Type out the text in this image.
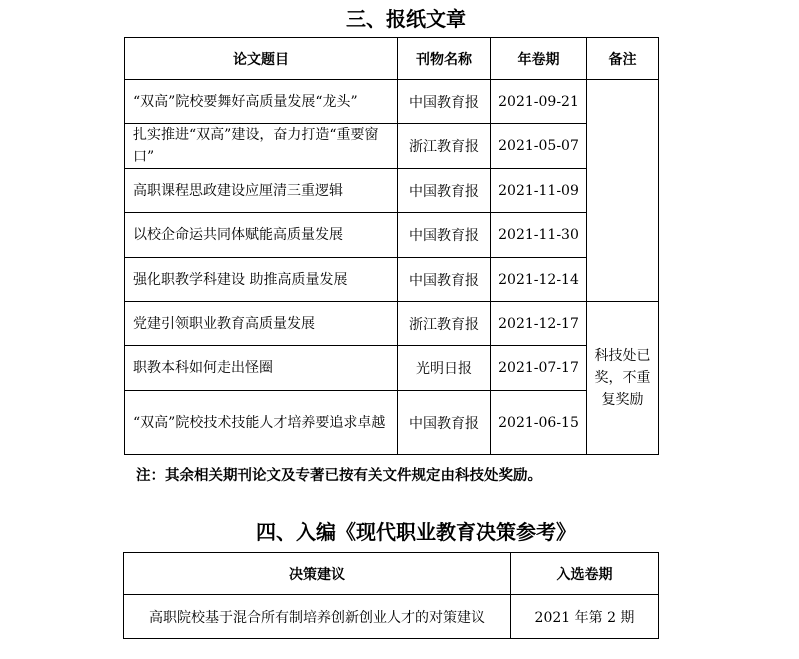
三、报纸文章
论文题目	刊物名称	年卷期	备注
“双高”院校要舞好高质量发展“龙头”	中国教育报	2021-09-21	
扎实推进“双高”建设，奋力打造“重要窗口”	浙江教育报	2021-05-07	
高职课程思政建设应厘清三重逻辑	中国教育报	2021-11-09	
以校企命运共同体赋能高质量发展	中国教育报	2021-11-30	
强化职教学科建设 助推高质量发展	中国教育报	2021-12-14	
党建引领职业教育高质量发展	浙江教育报	2021-12-17	科技处已奖，不重复奖励
职教本科如何走出怪圈	光明日报	2021-07-17	
“双高”院校技术技能人才培养要追求卓越	中国教育报	2021-06-15	

注：其余相关期刊论文及专著已按有关文件规定由科技处奖励。

四、入编《现代职业教育决策参考》
决策建议	入选卷期
高职院校基于混合所有制培养创新创业人才的对策建议	2021 年第 2 期
